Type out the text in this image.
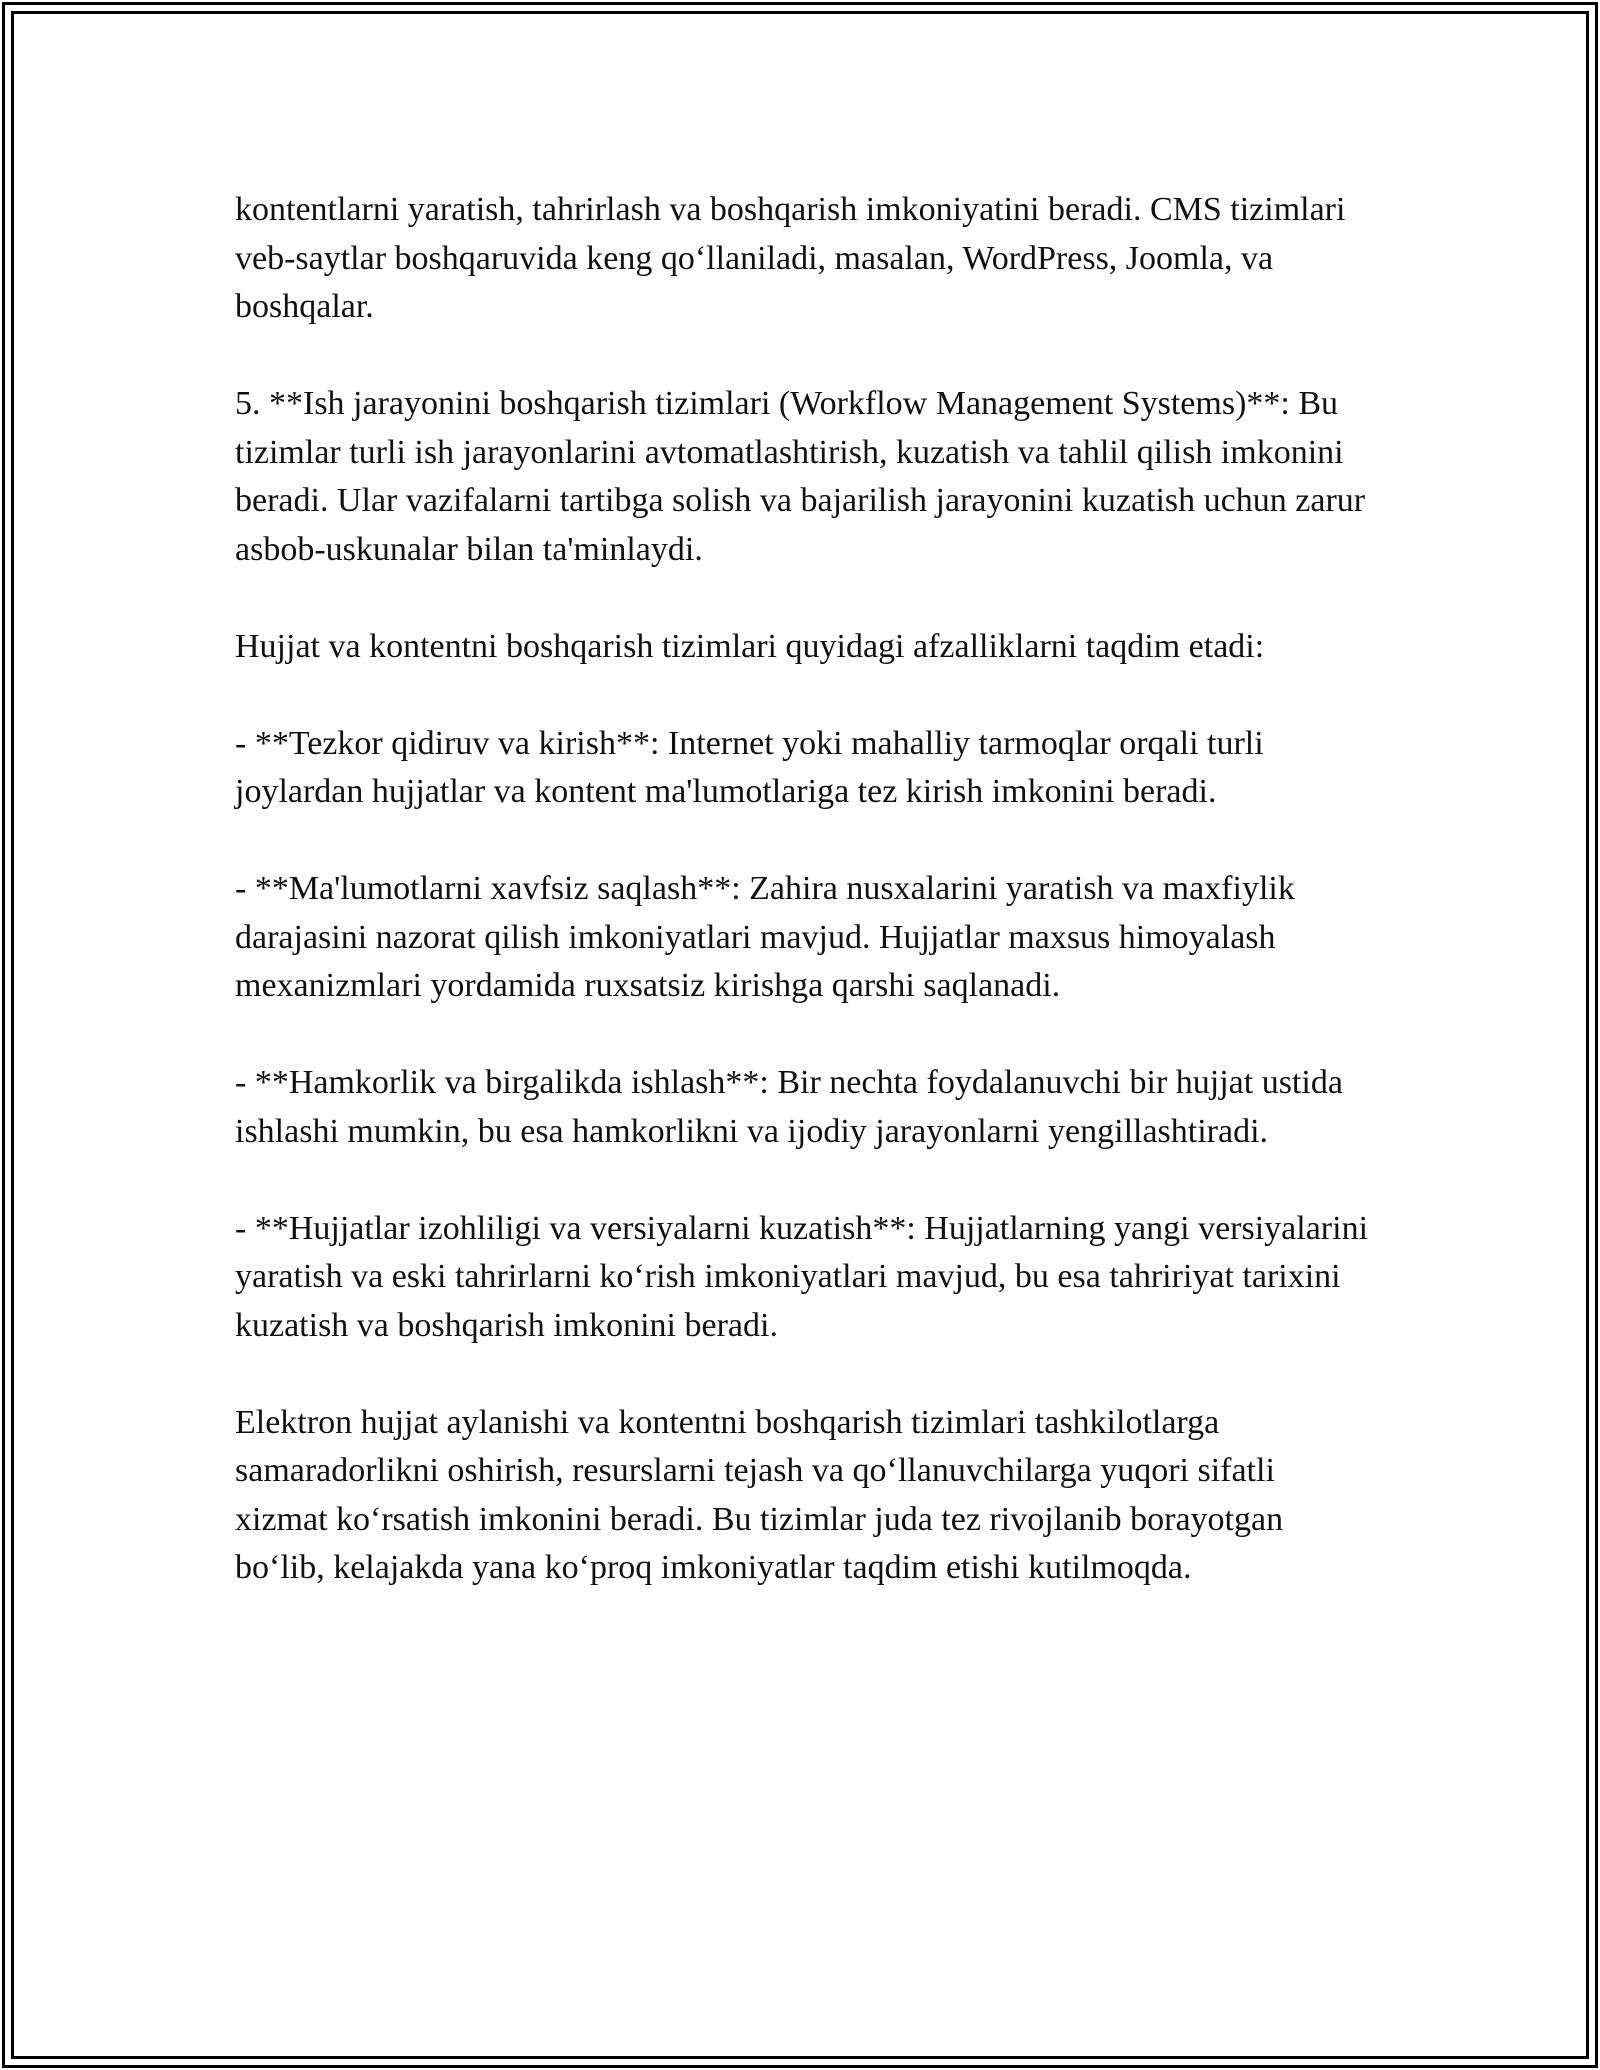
kontentlarni yaratish, tahrirlash va boshqarish imkoniyatini beradi. CMS tizimlari veb-saytlar boshqaruvida keng qo‘llaniladi, masalan, WordPress, Joomla, va boshqalar.

5. **Ish jarayonini boshqarish tizimlari (Workflow Management Systems)**: Bu tizimlar turli ish jarayonlarini avtomatlashtirish, kuzatish va tahlil qilish imkonini beradi. Ular vazifalarni tartibga solish va bajarilish jarayonini kuzatish uchun zarur asbob-uskunalar bilan ta'minlaydi.

Hujjat va kontentni boshqarish tizimlari quyidagi afzalliklarni taqdim etadi:

- **Tezkor qidiruv va kirish**: Internet yoki mahalliy tarmoqlar orqali turli joylardan hujjatlar va kontent ma'lumotlariga tez kirish imkonini beradi.

- **Ma'lumotlarni xavfsiz saqlash**: Zahira nusxalarini yaratish va maxfiylik darajasini nazorat qilish imkoniyatlari mavjud. Hujjatlar maxsus himoyalash mexanizmlari yordamida ruxsatsiz kirishga qarshi saqlanadi.

- **Hamkorlik va birgalikda ishlash**: Bir nechta foydalanuvchi bir hujjat ustida ishlashi mumkin, bu esa hamkorlikni va ijodiy jarayonlarni yengillashtiradi.

- **Hujjatlar izohliligi va versiyalarni kuzatish**: Hujjatlarning yangi versiyalarini yaratish va eski tahrirlarni ko‘rish imkoniyatlari mavjud, bu esa tahririyat tarixini kuzatish va boshqarish imkonini beradi.

Elektron hujjat aylanishi va kontentni boshqarish tizimlari tashkilotlarga samaradorlikni oshirish, resurslarni tejash va qo‘llanuvchilarga yuqori sifatli xizmat ko‘rsatish imkonini beradi. Bu tizimlar juda tez rivojlanib borayotgan bo‘lib, kelajakda yana ko‘proq imkoniyatlar taqdim etishi kutilmoqda.
